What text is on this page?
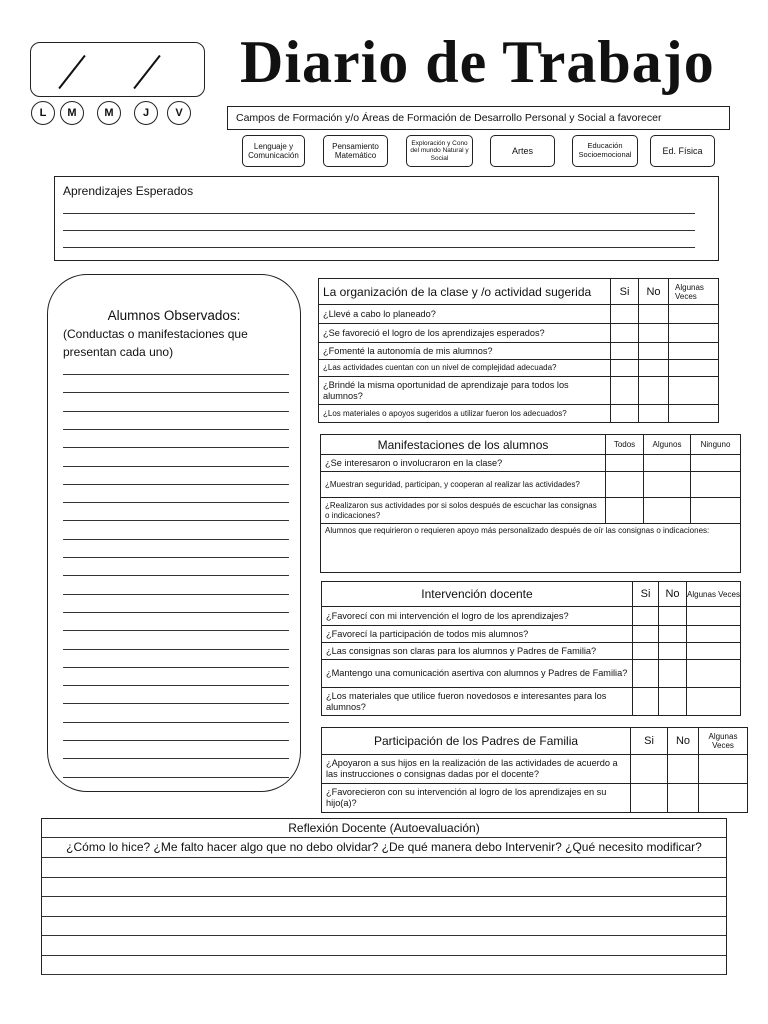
L	M	M	J	V
Diario de Trabajo
Campos de Formación y/o Áreas de Formación de Desarrollo Personal y Social a favorecer
Lenguaje y Comunicación
Pensamiento Matemático
Exploración y Cono del mundo Natural y Social
Artes	Educación Socioemocional	Ed. Física
Aprendizajes Esperados
Alumnos Observados:
(Conductas o manifestaciones que presentan cada uno)
La organización de la clase y /o actividad sugerida	Si	No	Algunas Veces
¿Llevé a cabo lo planeado?			
¿Se favoreció el logro de los aprendizajes esperados?			
¿Fomenté la autonomía de mis alumnos?			
¿Las actividades cuentan con un nivel de complejidad adecuada?			
¿Brindé la misma oportunidad de aprendizaje para todos los alumnos?			
¿Los materiales o apoyos sugeridos a utilizar fueron los adecuados?			
Manifestaciones de los alumnos	Todos	Algunos	Ninguno
¿Se interesaron o involucraron en la clase?			
¿Muestran seguridad, participan, y cooperan al realizar las actividades?			
¿Realizaron sus actividades por si solos después de escuchar las consignas o indicaciones?			
Alumnos que requirieron o requieren apoyo más personalizado después de oír las consignas o indicaciones:			
Intervención docente	Si	No	Algunas Veces
¿Favorecí con mi intervención el logro de los aprendizajes?			
¿Favorecí la participación de todos mis alumnos?			
¿Las consignas son claras para los alumnos y Padres de Familia?			
¿Mantengo una comunicación asertiva con alumnos y Padres de Familia?			
¿Los materiales que utilice fueron novedosos e interesantes para los alumnos?			
Participación de los Padres de Familia	Si	No	Algunas Veces
¿Apoyaron a sus hijos en la realización de las actividades de acuerdo a las instrucciones o consignas dadas por el docente?			
¿Favorecieron con su intervención al logro de los aprendizajes en su hijo(a)?			
Reflexión Docente (Autoevaluación)
¿Cómo lo hice? ¿Me falto hacer algo que no debo olvidar? ¿De qué manera debo Intervenir? ¿Qué necesito modificar?
